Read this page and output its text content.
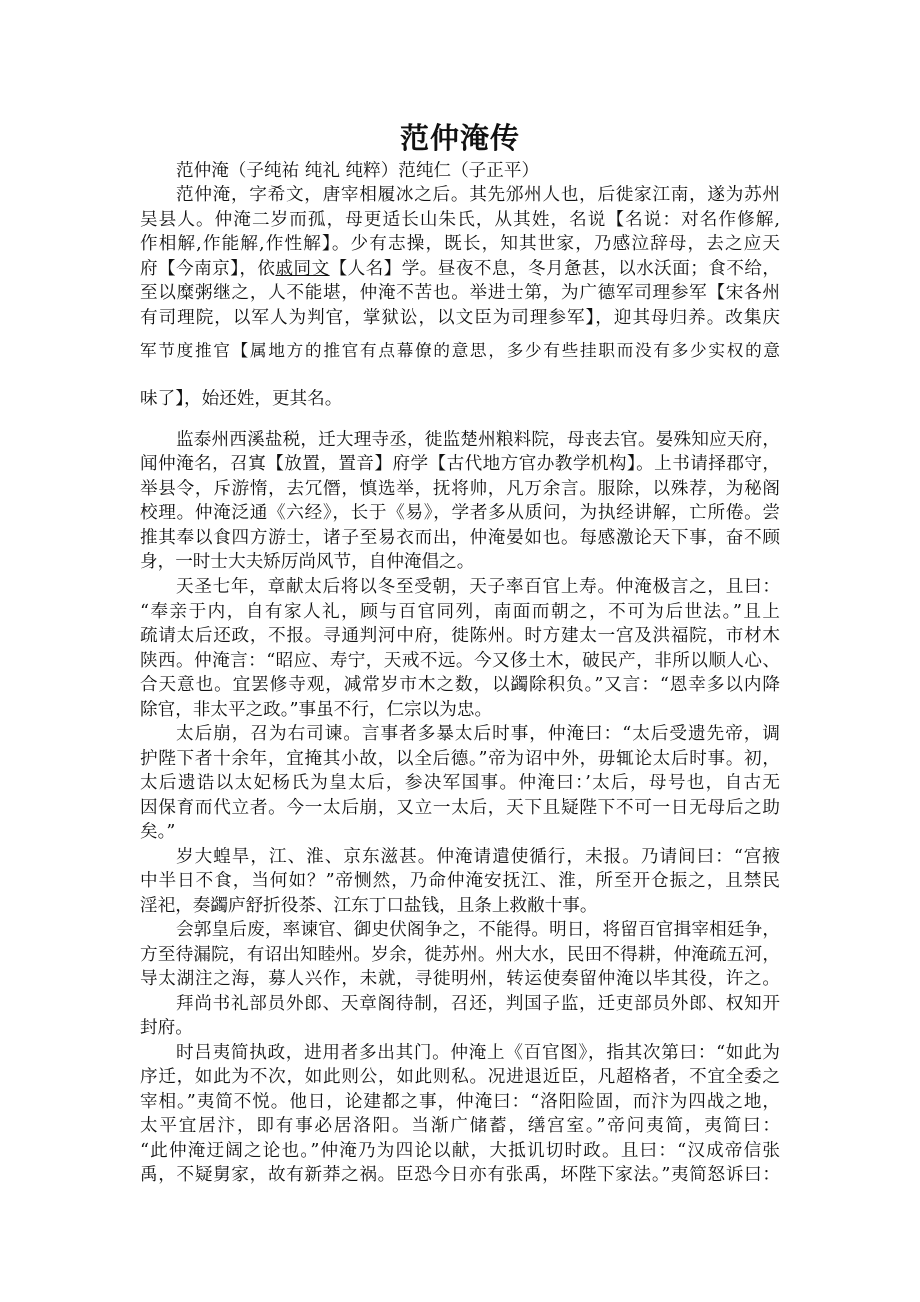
范仲淹传
范仲淹（子纯祐 纯礼 纯粹）范纯仁（子正平）
范仲淹，字希文，唐宰相履冰之后。其先邠州人也，后徙家江南，遂为苏州
吴县人。仲淹二岁而孤，母更适长山朱氏，从其姓，名说【名说：对名作修解,
作相解,作能解,作性解】。少有志操，既长，知其世家，乃感泣辞母，去之应天
府【今南京】，依戚同文【人名】学。昼夜不息，冬月惫甚，以水沃面；食不给，
至以糜粥继之，人不能堪，仲淹不苦也。举进士第，为广德军司理参军【宋各州
有司理院，以军人为判官，掌狱讼，以文臣为司理参军】，迎其母归养。改集庆
军节度推官【属地方的推官有点幕僚的意思，多少有些挂职而没有多少实权的意
味了】，始还姓，更其名。
监泰州西溪盐税，迁大理寺丞，徙监楚州粮料院，母丧去官。晏殊知应天府，
闻仲淹名，召寘【放置，置音】府学【古代地方官办教学机构】。上书请择郡守，
举县令，斥游惰，去冗僭，慎选举，抚将帅，凡万余言。服除，以殊荐，为秘阁
校理。仲淹泛通《六经》，长于《易》，学者多从质问，为执经讲解，亡所倦。尝
推其奉以食四方游士，诸子至易衣而出，仲淹晏如也。每感激论天下事，奋不顾
身，一时士大夫矫厉尚风节，自仲淹倡之。
天圣七年，章献太后将以冬至受朝，天子率百官上寿。仲淹极言之，且曰：
“奉亲于内，自有家人礼，顾与百官同列，南面而朝之，不可为后世法。”且上
疏请太后还政，不报。寻通判河中府，徙陈州。时方建太一宫及洪福院，市材木
陕西。仲淹言：“昭应、寿宁，天戒不远。今又侈土木，破民产，非所以顺人心、
合天意也。宜罢修寺观，减常岁市木之数，以蠲除积负。”又言：“恩幸多以内降
除官，非太平之政。”事虽不行，仁宗以为忠。
太后崩，召为右司谏。言事者多暴太后时事，仲淹曰：“太后受遗先帝，调
护陛下者十余年，宜掩其小故，以全后德。”帝为诏中外，毋辄论太后时事。初，
太后遗诰以太妃杨氏为皇太后，参决军国事。仲淹曰：’太后，母号也，自古无
因保育而代立者。今一太后崩，又立一太后，天下且疑陛下不可一日无母后之助
矣。”
岁大蝗旱，江、淮、京东滋甚。仲淹请遣使循行，未报。乃请间曰：“宫掖
中半日不食，当何如？”帝恻然，乃命仲淹安抚江、淮，所至开仓振之，且禁民
淫祀，奏蠲庐舒折役茶、江东丁口盐钱，且条上救敝十事。
会郭皇后废，率谏官、御史伏阁争之，不能得。明日，将留百官揖宰相廷争，
方至待漏院，有诏出知睦州。岁余，徙苏州。州大水，民田不得耕，仲淹疏五河，
导太湖注之海，募人兴作，未就，寻徙明州，转运使奏留仲淹以毕其役，许之。
拜尚书礼部员外郎、天章阁待制，召还，判国子监，迁吏部员外郎、权知开
封府。
时吕夷简执政，进用者多出其门。仲淹上《百官图》，指其次第曰：“如此为
序迁，如此为不次，如此则公，如此则私。况进退近臣，凡超格者，不宜全委之
宰相。”夷简不悦。他日，论建都之事，仲淹曰：“洛阳险固，而汴为四战之地，
太平宜居汴，即有事必居洛阳。当渐广储蓄，缮宫室。”帝问夷简，夷简曰：
“此仲淹迂阔之论也。”仲淹乃为四论以献，大抵讥切时政。且曰：“汉成帝信张
禹，不疑舅家，故有新莽之祸。臣恐今日亦有张禹，坏陛下家法。”夷简怒诉曰：
